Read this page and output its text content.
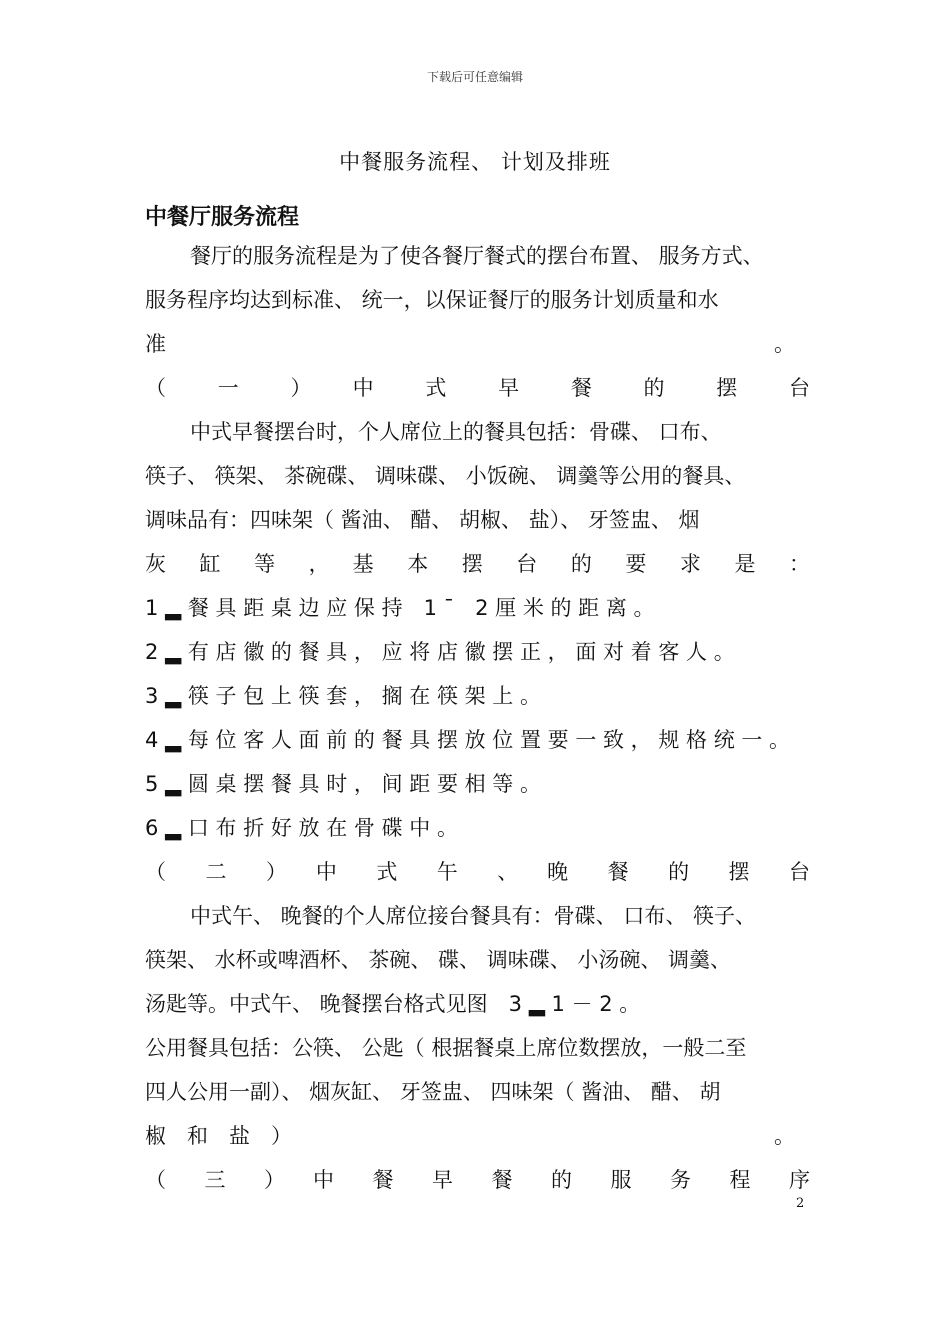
下载后可任意编辑
中餐服务流程、 计划及排班
中餐厅服务流程
餐厅的服务流程是为了使各餐厅餐式的摆台布置、 服务方式、
服务程序均达到标准、 统一，以保证餐厅的服务计划质量和水
准	。
（　一　）　中　式　早　餐　的　摆　台
中式早餐摆台时，个人席位上的餐具包括：骨碟、 口布、
筷子、 筷架、 茶碗碟、 调味碟、 小饭碗、 调羹等公用的餐具、
调味品有：四味架（ 酱油、 醋、 胡椒、 盐）、 牙签盅、 烟
灰　缸　等　，　基　本　摆　台　的　要　求　是　：
1 ▂ 餐 具 距 桌 边 应 保 持　1 ¯　2 厘 米 的 距 离 。
2 ▂ 有 店 徽 的 餐 具 ， 应 将 店 徽 摆 正 ， 面 对 着 客 人 。
3 ▂ 筷 子 包 上 筷 套 ， 搁 在 筷 架 上 。
4 ▂ 每 位 客 人 面 前 的 餐 具 摆 放 位 置 要 一 致 ， 规 格 统 一 。
5 ▂ 圆 桌 摆 餐 具 时 ， 间 距 要 相 等 。
6 ▂ 口 布 折 好 放 在 骨 碟 中 。
（　二　）　中　式　午　、　晚　餐　的　摆　台
中式午、 晚餐的个人席位接台餐具有：骨碟、 口布、 筷子、
筷架、 水杯或啤酒杯、 茶碗、 碟、 调味碟、 小汤碗、 调羹、
汤匙等。中式午、 晚餐摆台格式见图　3 ▂ 1 － 2 。
公用餐具包括：公筷、 公匙（ 根据餐桌上席位数摆放，一般二至
四人公用一副）、 烟灰缸、 牙签盅、 四味架（ 酱油、 醋、 胡
椒　和　盐　）	。
（　三　）　中　餐　早　餐　的　服　务　程　序
2
